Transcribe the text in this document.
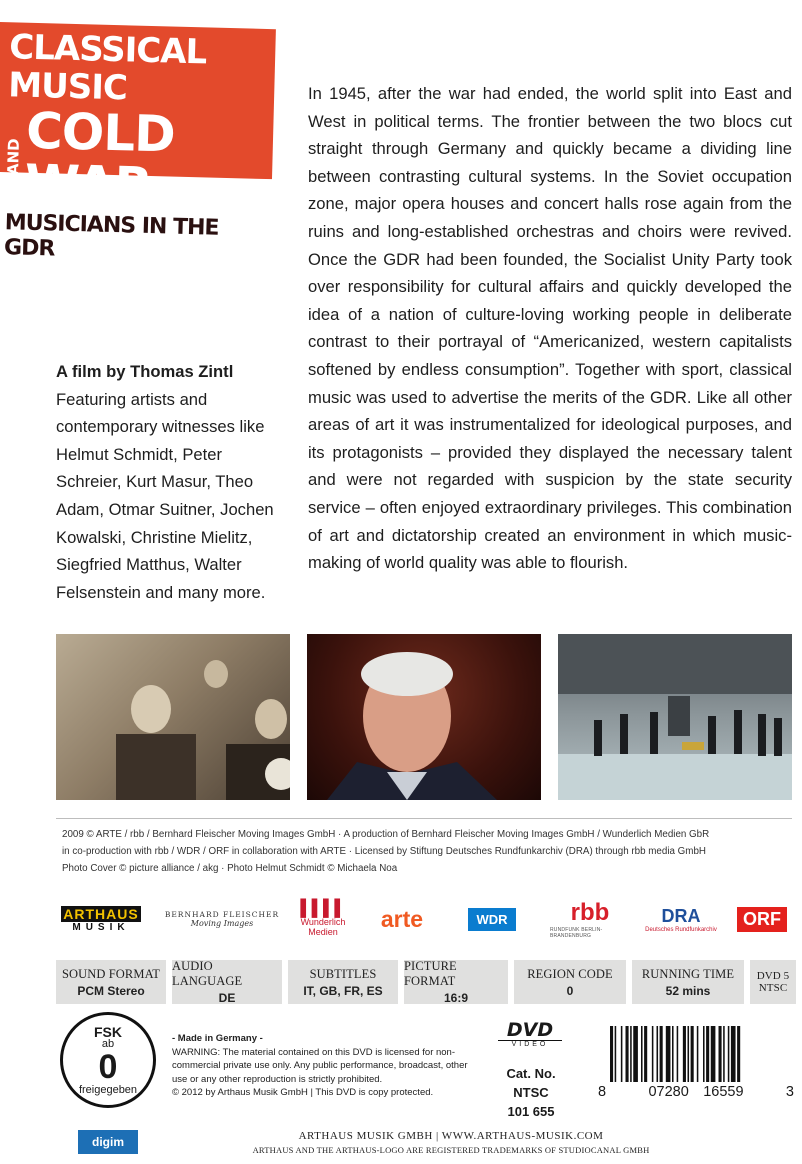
CLASSICAL MUSIC
AND COLD WAR
MUSICIANS IN THE GDR
In 1945, after the war had ended, the world split into East and West in political terms. The frontier between the two blocs cut straight through Germany and quickly became a dividing line between contrasting cultural systems. In the Soviet occupation zone, major opera houses and concert halls rose again from the ruins and long-established orchestras and choirs were revived. Once the GDR had been founded, the Socialist Unity Party took over responsibility for cultural affairs and quickly developed the idea of a nation of culture-loving working people in deliberate contrast to their portrayal of “Americanized, western capitalists softened by endless consumption”. Together with sport, classical music was used to advertise the merits of the GDR. Like all other areas of art it was instrumentalized for ideological purposes, and its protagonists – provided they displayed the necessary talent and were not regarded with suspicion by the state security service – often enjoyed extraordinary privileges. This combination of art and dictatorship created an environment in which music-making of world quality was able to flourish.
A film by Thomas Zintl
Featuring artists and contemporary witnesses like Helmut Schmidt, Peter Schreier, Kurt Masur, Theo Adam, Otmar Suitner, Jochen Kowalski, Christine Mielitz, Siegfried Matthus, Walter Felsenstein and many more.
2009 © ARTE / rbb / Bernhard Fleischer Moving Images GmbH · A production of Bernhard Fleischer Moving Images GmbH / Wunderlich Medien GbR
in co-production with rbb / WDR / ORF in collaboration with ARTE · Licensed by Stiftung Deutsches Rundfunkarchiv (DRA) through rbb media GmbH
Photo Cover © picture alliance / akg · Photo Helmut Schmidt © Michaela Noa
ARTHAUS
MUSIK
BERNHARD FLEISCHER
Moving Images
▌▌▌▌
Wunderlich
Medien
arte	WDR	rbb
RUNDFUNK BERLIN-BRANDENBURG
DRA
Deutsches Rundfunkarchiv
ORF
SOUND FORMAT
PCM Stereo
AUDIO LANGUAGE
DE
SUBTITLES
IT, GB, FR, ES
PICTURE FORMAT
16:9
REGION CODE
0
RUNNING TIME
52 mins
DVD 5
NTSC
FSK
ab
0
freigegeben
- Made in Germany -
WARNING: The material contained on this DVD is licensed for non-commercial private use only. Any public performance, broadcast, other use or any other reproduction is strictly prohibited.
© 2012 by Arthaus Musik GmbH | This DVD is copy protected.
DVD
VIDEO
Cat. No. NTSC
101 655
8	07280 16559	3
digim	ARTHAUS MUSIK GMBH | WWW.ARTHAUS-MUSIK.COM
ARTHAUS AND THE ARTHAUS-LOGO ARE REGISTERED TRADEMARKS OF STUDIOCANAL GMBH
